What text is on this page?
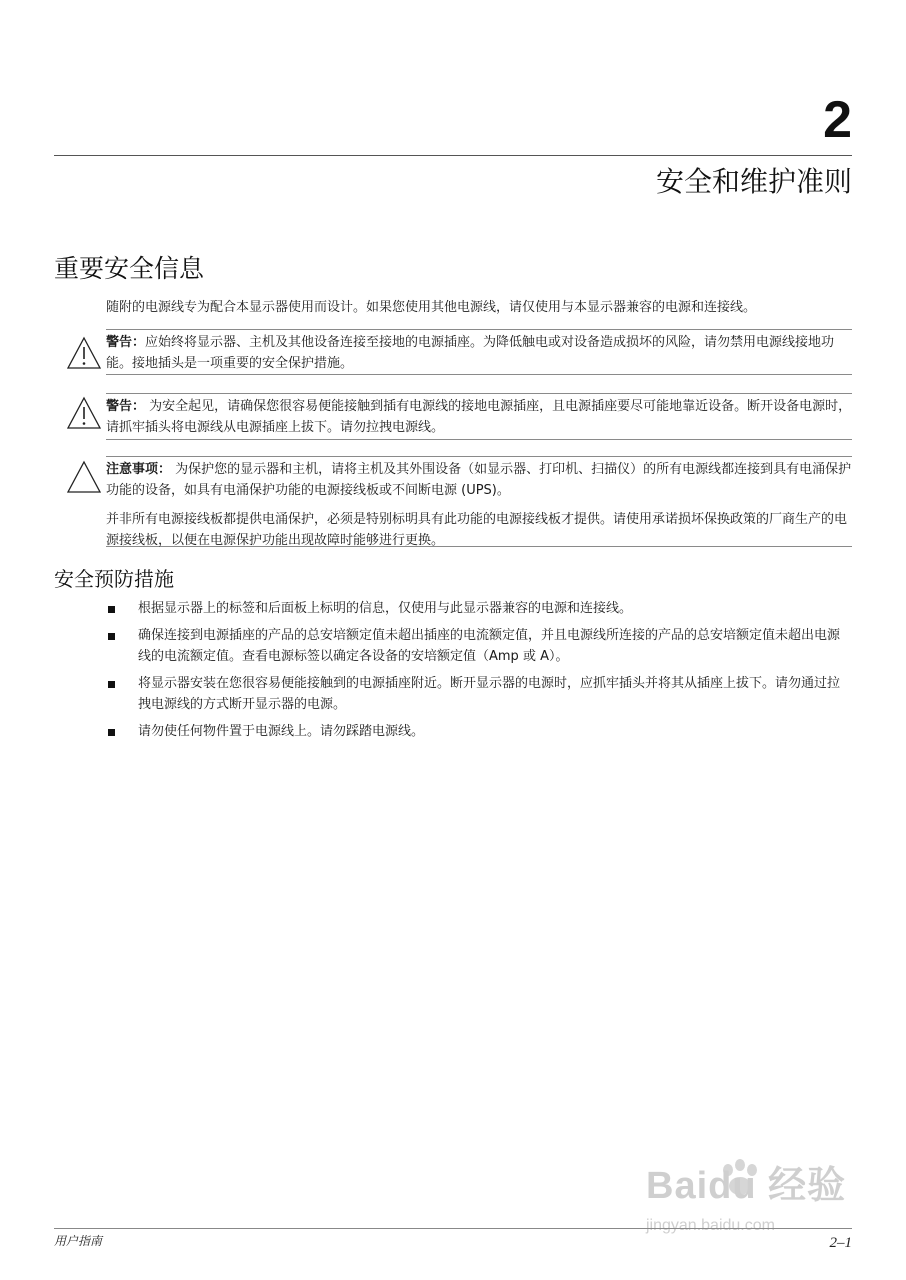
2
安全和维护准则
重要安全信息
随附的电源线专为配合本显示器使用而设计。如果您使用其他电源线，请仅使用与本显示器兼容的电源和连接线。
警告：应始终将显示器、主机及其他设备连接至接地的电源插座。为降低触电或对设备造成损坏的风险，请勿禁用电源线接地功能。接地插头是一项重要的安全保护措施。
警告： 为安全起见，请确保您很容易便能接触到插有电源线的接地电源插座，且电源插座要尽可能地靠近设备。断开设备电源时，请抓牢插头将电源线从电源插座上拔下。请勿拉拽电源线。
注意事项： 为保护您的显示器和主机，请将主机及其外围设备（如显示器、打印机、扫描仪）的所有电源线都连接到具有电涌保护功能的设备，如具有电涌保护功能的电源接线板或不间断电源 (UPS)。
并非所有电源接线板都提供电涌保护，必须是特别标明具有此功能的电源接线板才提供。请使用承诺损坏保换政策的厂商生产的电源接线板，以便在电源保护功能出现故障时能够进行更换。
安全预防措施
根据显示器上的标签和后面板上标明的信息，仅使用与此显示器兼容的电源和连接线。
确保连接到电源插座的产品的总安培额定值未超出插座的电流额定值，并且电源线所连接的产品的总安培额定值未超出电源线的电流额定值。查看电源标签以确定各设备的安培额定值（Amp 或 A）。
将显示器安装在您很容易便能接触到的电源插座附近。断开显示器的电源时，应抓牢插头并将其从插座上拔下。请勿通过拉拽电源线的方式断开显示器的电源。
请勿使任何物件置于电源线上。请勿踩踏电源线。
Baidu 经验
jingyan.baidu.com
用户指南	2–1
